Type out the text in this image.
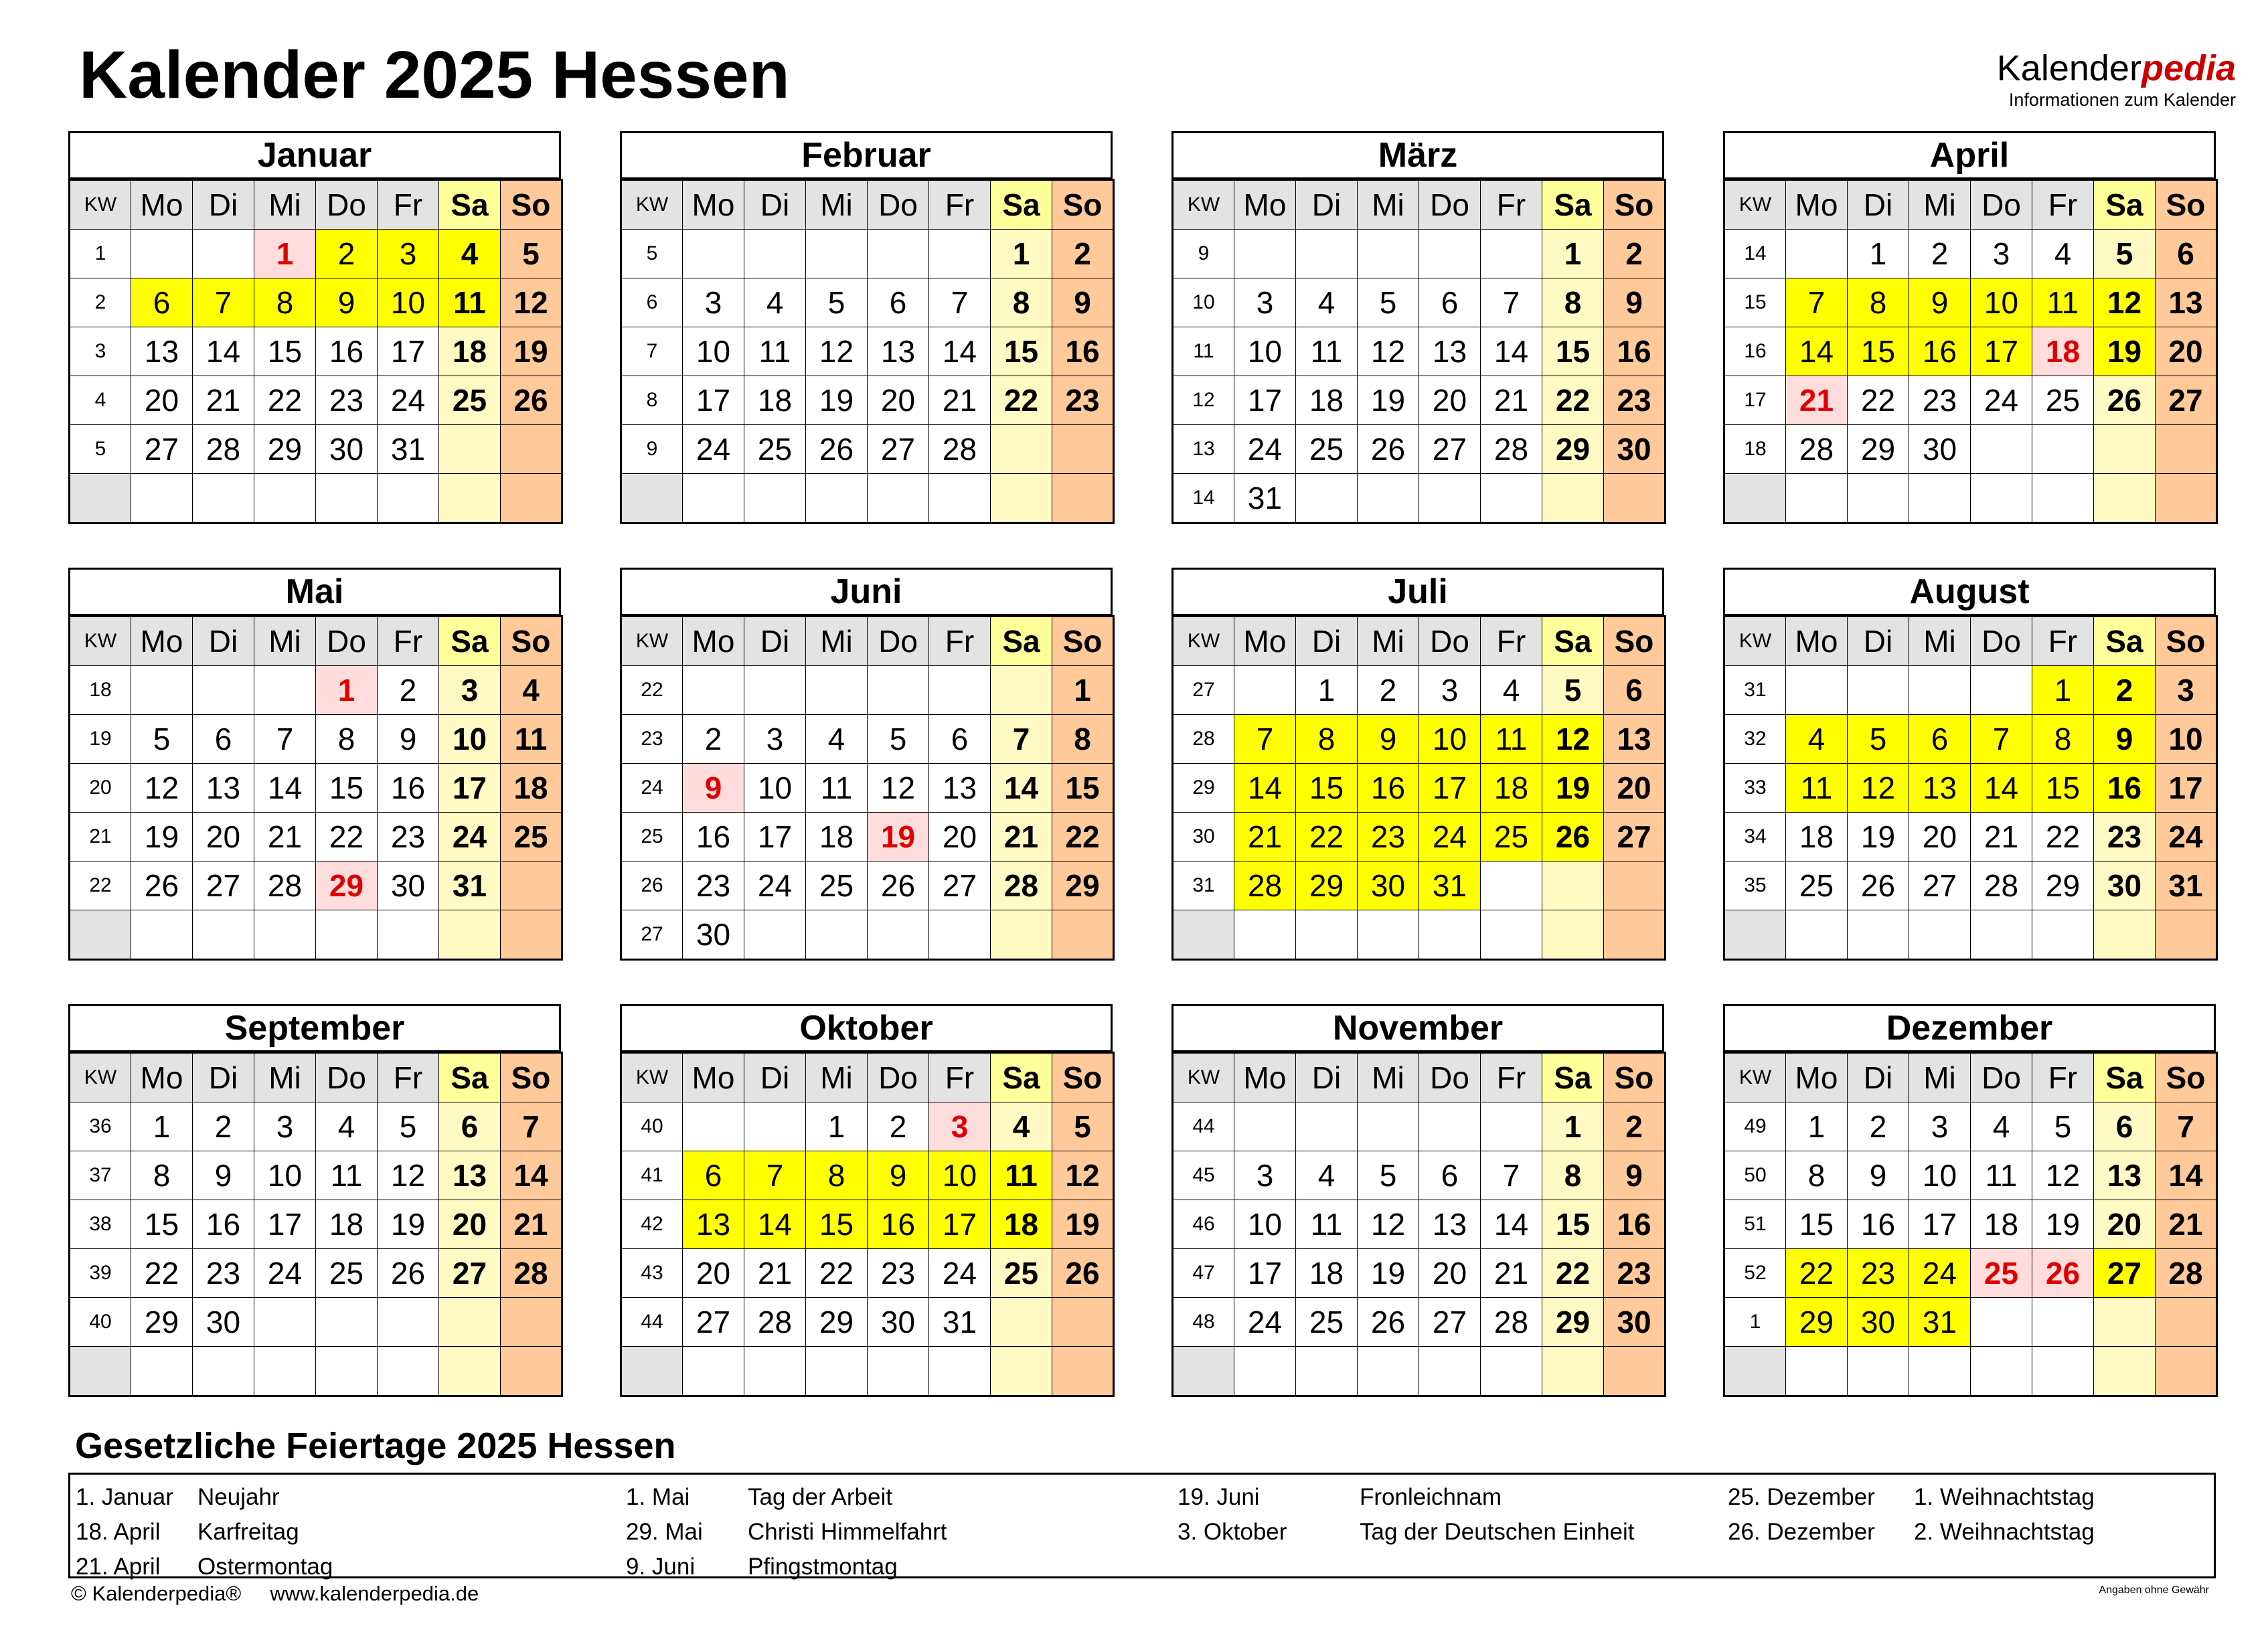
Kalender 2025 Hessen	Kalenderpedia
Informationen zum Kalender
Januar
KW	Mo	Di	Mi	Do	Fr	Sa	So
1			1	2	3	4	5
2	6	7	8	9	10	11	12
3	13	14	15	16	17	18	19
4	20	21	22	23	24	25	26
5	27	28	29	30	31		

Februar
KW	Mo	Di	Mi	Do	Fr	Sa	So
5						1	2
6	3	4	5	6	7	8	9
7	10	11	12	13	14	15	16
8	17	18	19	20	21	22	23
9	24	25	26	27	28		

März
KW	Mo	Di	Mi	Do	Fr	Sa	So
9						1	2
10	3	4	5	6	7	8	9
11	10	11	12	13	14	15	16
12	17	18	19	20	21	22	23
13	24	25	26	27	28	29	30
14	31						
April
KW	Mo	Di	Mi	Do	Fr	Sa	So
14		1	2	3	4	5	6
15	7	8	9	10	11	12	13
16	14	15	16	17	18	19	20
17	21	22	23	24	25	26	27
18	28	29	30				

Mai
KW	Mo	Di	Mi	Do	Fr	Sa	So
18				1	2	3	4
19	5	6	7	8	9	10	11
20	12	13	14	15	16	17	18
21	19	20	21	22	23	24	25
22	26	27	28	29	30	31	

Juni
KW	Mo	Di	Mi	Do	Fr	Sa	So
22							1
23	2	3	4	5	6	7	8
24	9	10	11	12	13	14	15
25	16	17	18	19	20	21	22
26	23	24	25	26	27	28	29
27	30						
Juli
KW	Mo	Di	Mi	Do	Fr	Sa	So
27		1	2	3	4	5	6
28	7	8	9	10	11	12	13
29	14	15	16	17	18	19	20
30	21	22	23	24	25	26	27
31	28	29	30	31			

August
KW	Mo	Di	Mi	Do	Fr	Sa	So
31					1	2	3
32	4	5	6	7	8	9	10
33	11	12	13	14	15	16	17
34	18	19	20	21	22	23	24
35	25	26	27	28	29	30	31

September
KW	Mo	Di	Mi	Do	Fr	Sa	So
36	1	2	3	4	5	6	7
37	8	9	10	11	12	13	14
38	15	16	17	18	19	20	21
39	22	23	24	25	26	27	28
40	29	30					

Oktober
KW	Mo	Di	Mi	Do	Fr	Sa	So
40			1	2	3	4	5
41	6	7	8	9	10	11	12
42	13	14	15	16	17	18	19
43	20	21	22	23	24	25	26
44	27	28	29	30	31		

November
KW	Mo	Di	Mi	Do	Fr	Sa	So
44						1	2
45	3	4	5	6	7	8	9
46	10	11	12	13	14	15	16
47	17	18	19	20	21	22	23
48	24	25	26	27	28	29	30

Dezember
KW	Mo	Di	Mi	Do	Fr	Sa	So
49	1	2	3	4	5	6	7
50	8	9	10	11	12	13	14
51	15	16	17	18	19	20	21
52	22	23	24	25	26	27	28
1	29	30	31				

Gesetzliche Feiertage 2025 Hessen
1. Januar Neujahr
18. April Karfreitag
21. April Ostermontag
1. Mai Tag der Arbeit
29. Mai Christi Himmelfahrt
9. Juni Pfingstmontag
19. Juni	Fronleichnam
3. Oktober	Tag der Deutschen Einheit
25. Dezember 1. Weihnachtstag
26. Dezember 2. Weihnachtstag
© Kalenderpedia® www.kalenderpedia.de	Angaben ohne Gewähr
